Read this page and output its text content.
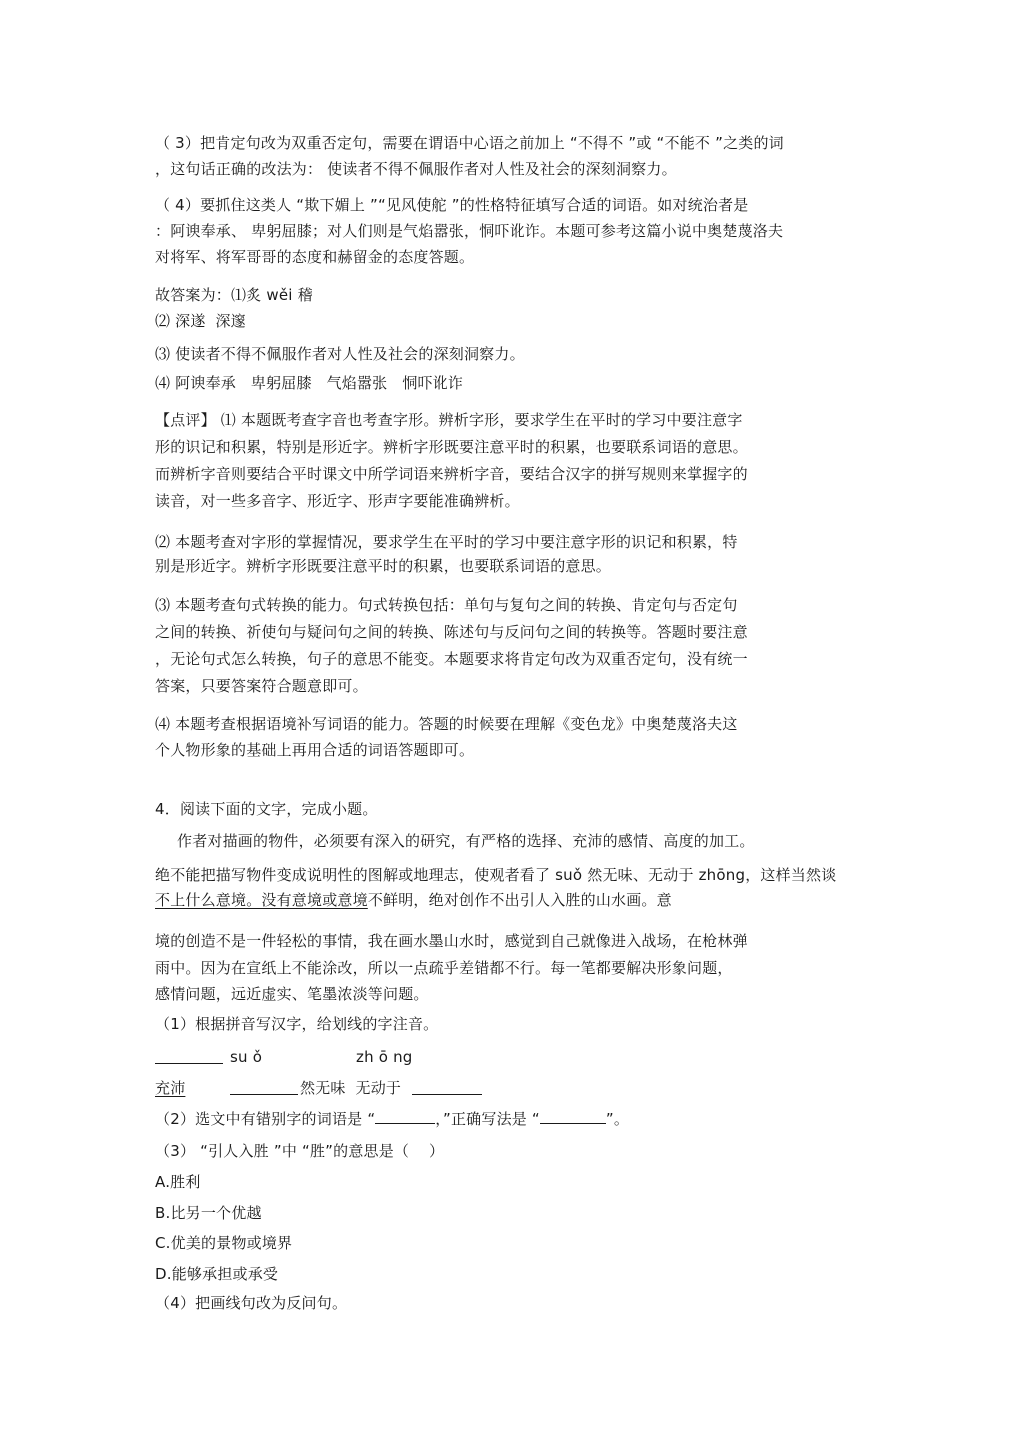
（ 3）把肯定句改为双重否定句，需要在谓语中心语之前加上 “不得不 ”或 “不能不 ”之类的词
，这句话正确的改法为： 使读者不得不佩服作者对人性及社会的深刻洞察力。
（ 4）要抓住这类人 “欺下媚上 ”“见风使舵 ”的性格特征填写合适的词语。如对统治者是
：阿谀奉承、 卑躬屈膝；对人们则是气焰嚣张，恫吓讹诈。本题可参考这篇小说中奥楚蔑洛夫
对将军、将军哥哥的态度和赫留金的态度答题。
故答案为：⑴炙 wěi 稽
⑵ 深遂  深邃
⑶ 使读者不得不佩服作者对人性及社会的深刻洞察力。
⑷ 阿谀奉承   卑躬屈膝   气焰嚣张   恫吓讹诈
【点评】 ⑴ 本题既考查字音也考查字形。辨析字形，要求学生在平时的学习中要注意字
形的识记和积累，特别是形近字。辨析字形既要注意平时的积累，也要联系词语的意思。
而辨析字音则要结合平时课文中所学词语来辨析字音，要结合汉字的拼写规则来掌握字的
读音，对一些多音字、形近字、形声字要能准确辨析。
⑵ 本题考查对字形的掌握情况，要求学生在平时的学习中要注意字形的识记和积累，特
别是形近字。辨析字形既要注意平时的积累，也要联系词语的意思。
⑶ 本题考查句式转换的能力。句式转换包括：单句与复句之间的转换、肯定句与否定句
之间的转换、祈使句与疑问句之间的转换、陈述句与反问句之间的转换等。答题时要注意
，无论句式怎么转换，句子的意思不能变。本题要求将肯定句改为双重否定句，没有统一
答案，只要答案符合题意即可。
⑷ 本题考查根据语境补写词语的能力。答题的时候要在理解《变色龙》中奥楚蔑洛夫这
个人物形象的基础上再用合适的词语答题即可。
4．阅读下面的文字，完成小题。
作者对描画的物件，必须要有深入的研究，有严格的选择、充沛的感情、高度的加工。
绝不能把描写物件变成说明性的图解或地理志，使观者看了 suǒ 然无味、无动于 zhōng，这样当然谈
不上什么意境。没有意境或意境不鲜明，绝对创作不出引人入胜的山水画。意
境的创造不是一件轻松的事情，我在画水墨山水时，感觉到自己就像进入战场，在枪林弹
雨中。因为在宣纸上不能涂改，所以一点疏乎差错都不行。每一笔都要解决形象问题，
感情问题，远近虚实、笔墨浓淡等问题。
（1）根据拼音写汉字，给划线的字注音。
su ǒ	zh ō ng
充沛	然无味  无动于
（2）选文中有错别字的词语是 “	，”正确写法是 “	”。
（3） “引人入胜 ”中 “胜”的意思是（    ）
A.胜利
B.比另一个优越
C.优美的景物或境界
D.能够承担或承受
（4）把画线句改为反问句。
